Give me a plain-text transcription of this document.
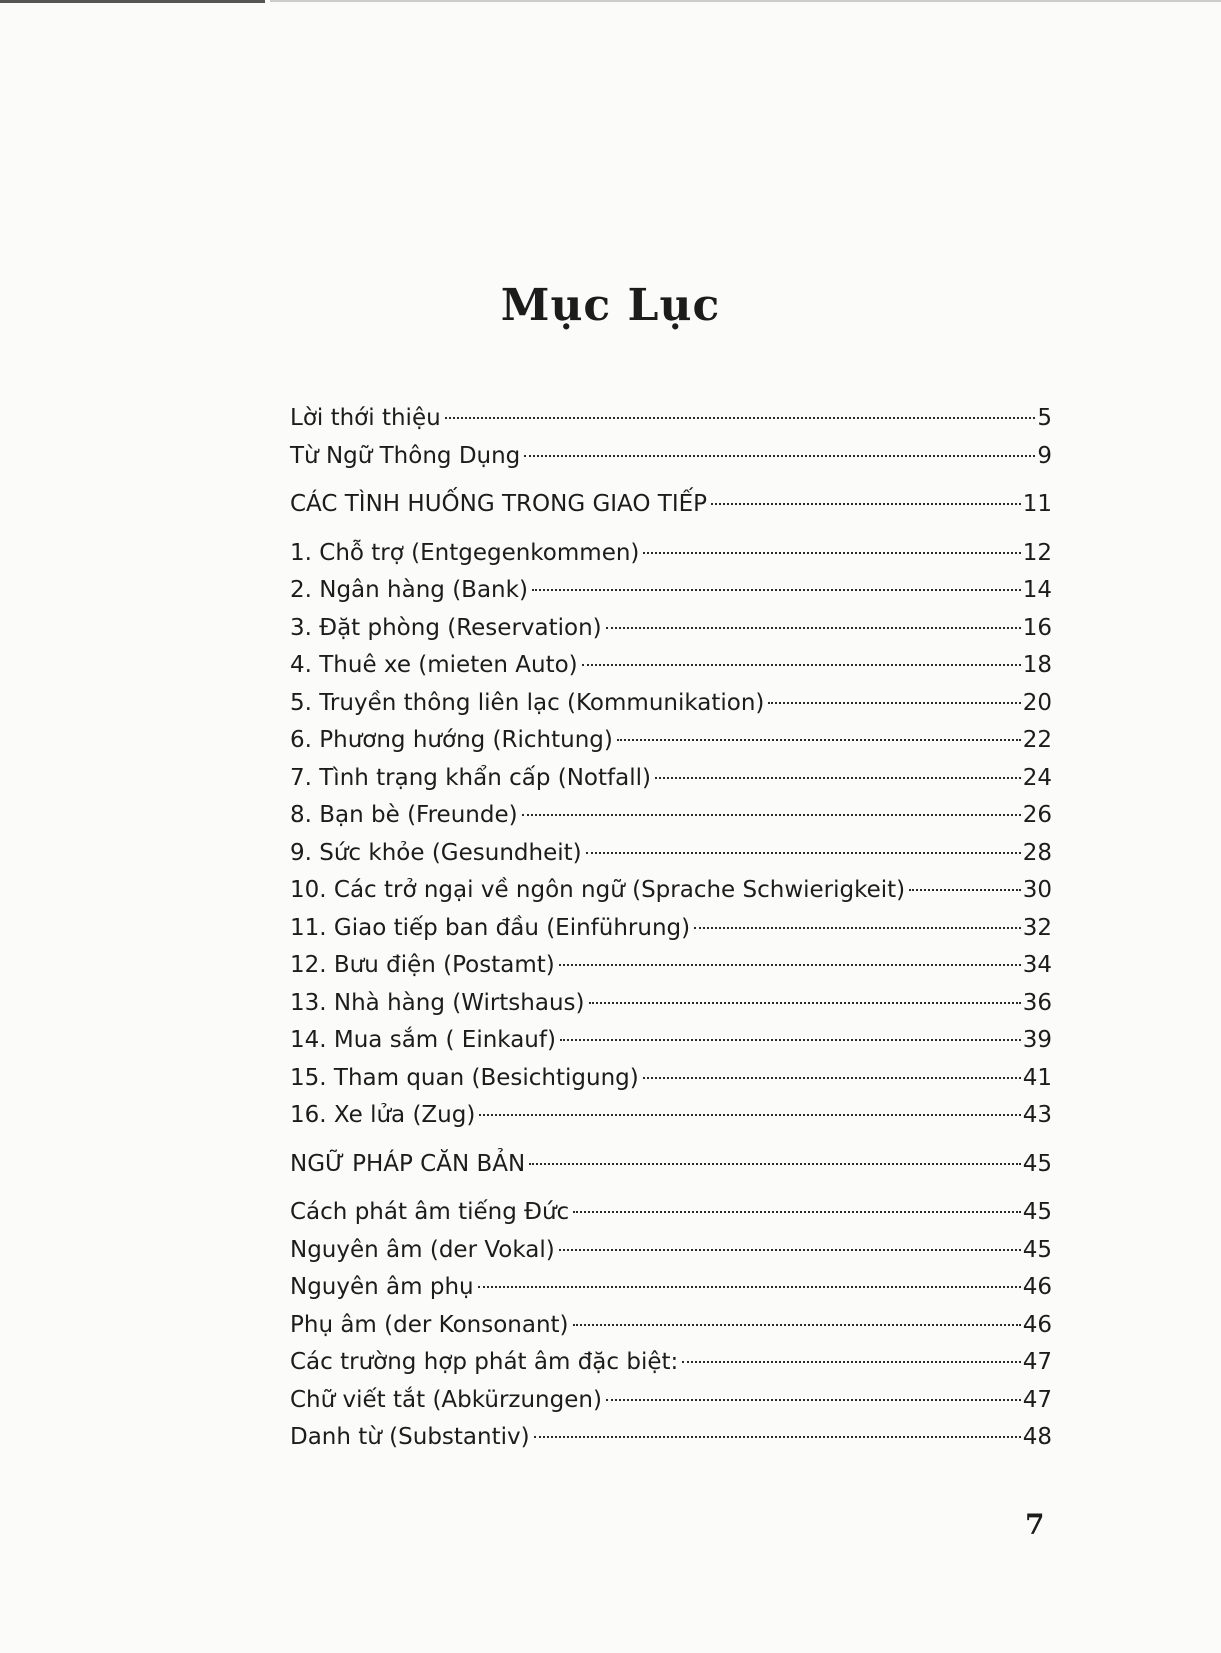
Mục Lục
Lời thới thiệu	5
Từ Ngữ Thông Dụng	9
CÁC TÌNH HUỐNG TRONG GIAO TIẾP	11
1. Chỗ trợ (Entgegenkommen)	12
2. Ngân hàng (Bank)	14
3. Đặt phòng (Reservation)	16
4. Thuê xe (mieten Auto)	18
5. Truyền thông liên lạc (Kommunikation)	20
6. Phương hướng (Richtung)	22
7. Tình trạng khẩn cấp (Notfall)	24
8. Bạn bè (Freunde)	26
9. Sức khỏe (Gesundheit)	28
10. Các trở ngại về ngôn ngữ (Sprache Schwierigkeit)	30
11. Giao tiếp ban đầu (Einführung)	32
12. Bưu điện (Postamt)	34
13. Nhà hàng (Wirtshaus)	36
14. Mua sắm ( Einkauf)	39
15. Tham quan (Besichtigung)	41
16. Xe lửa (Zug)	43
NGỮ PHÁP CĂN BẢN	45
Cách phát âm tiếng Đức	45
Nguyên âm (der Vokal)	45
Nguyên âm phụ	46
Phụ âm (der Konsonant)	46
Các trường hợp phát âm đặc biệt:	47
Chữ viết tắt (Abkürzungen)	47
Danh từ (Substantiv)	48
7
